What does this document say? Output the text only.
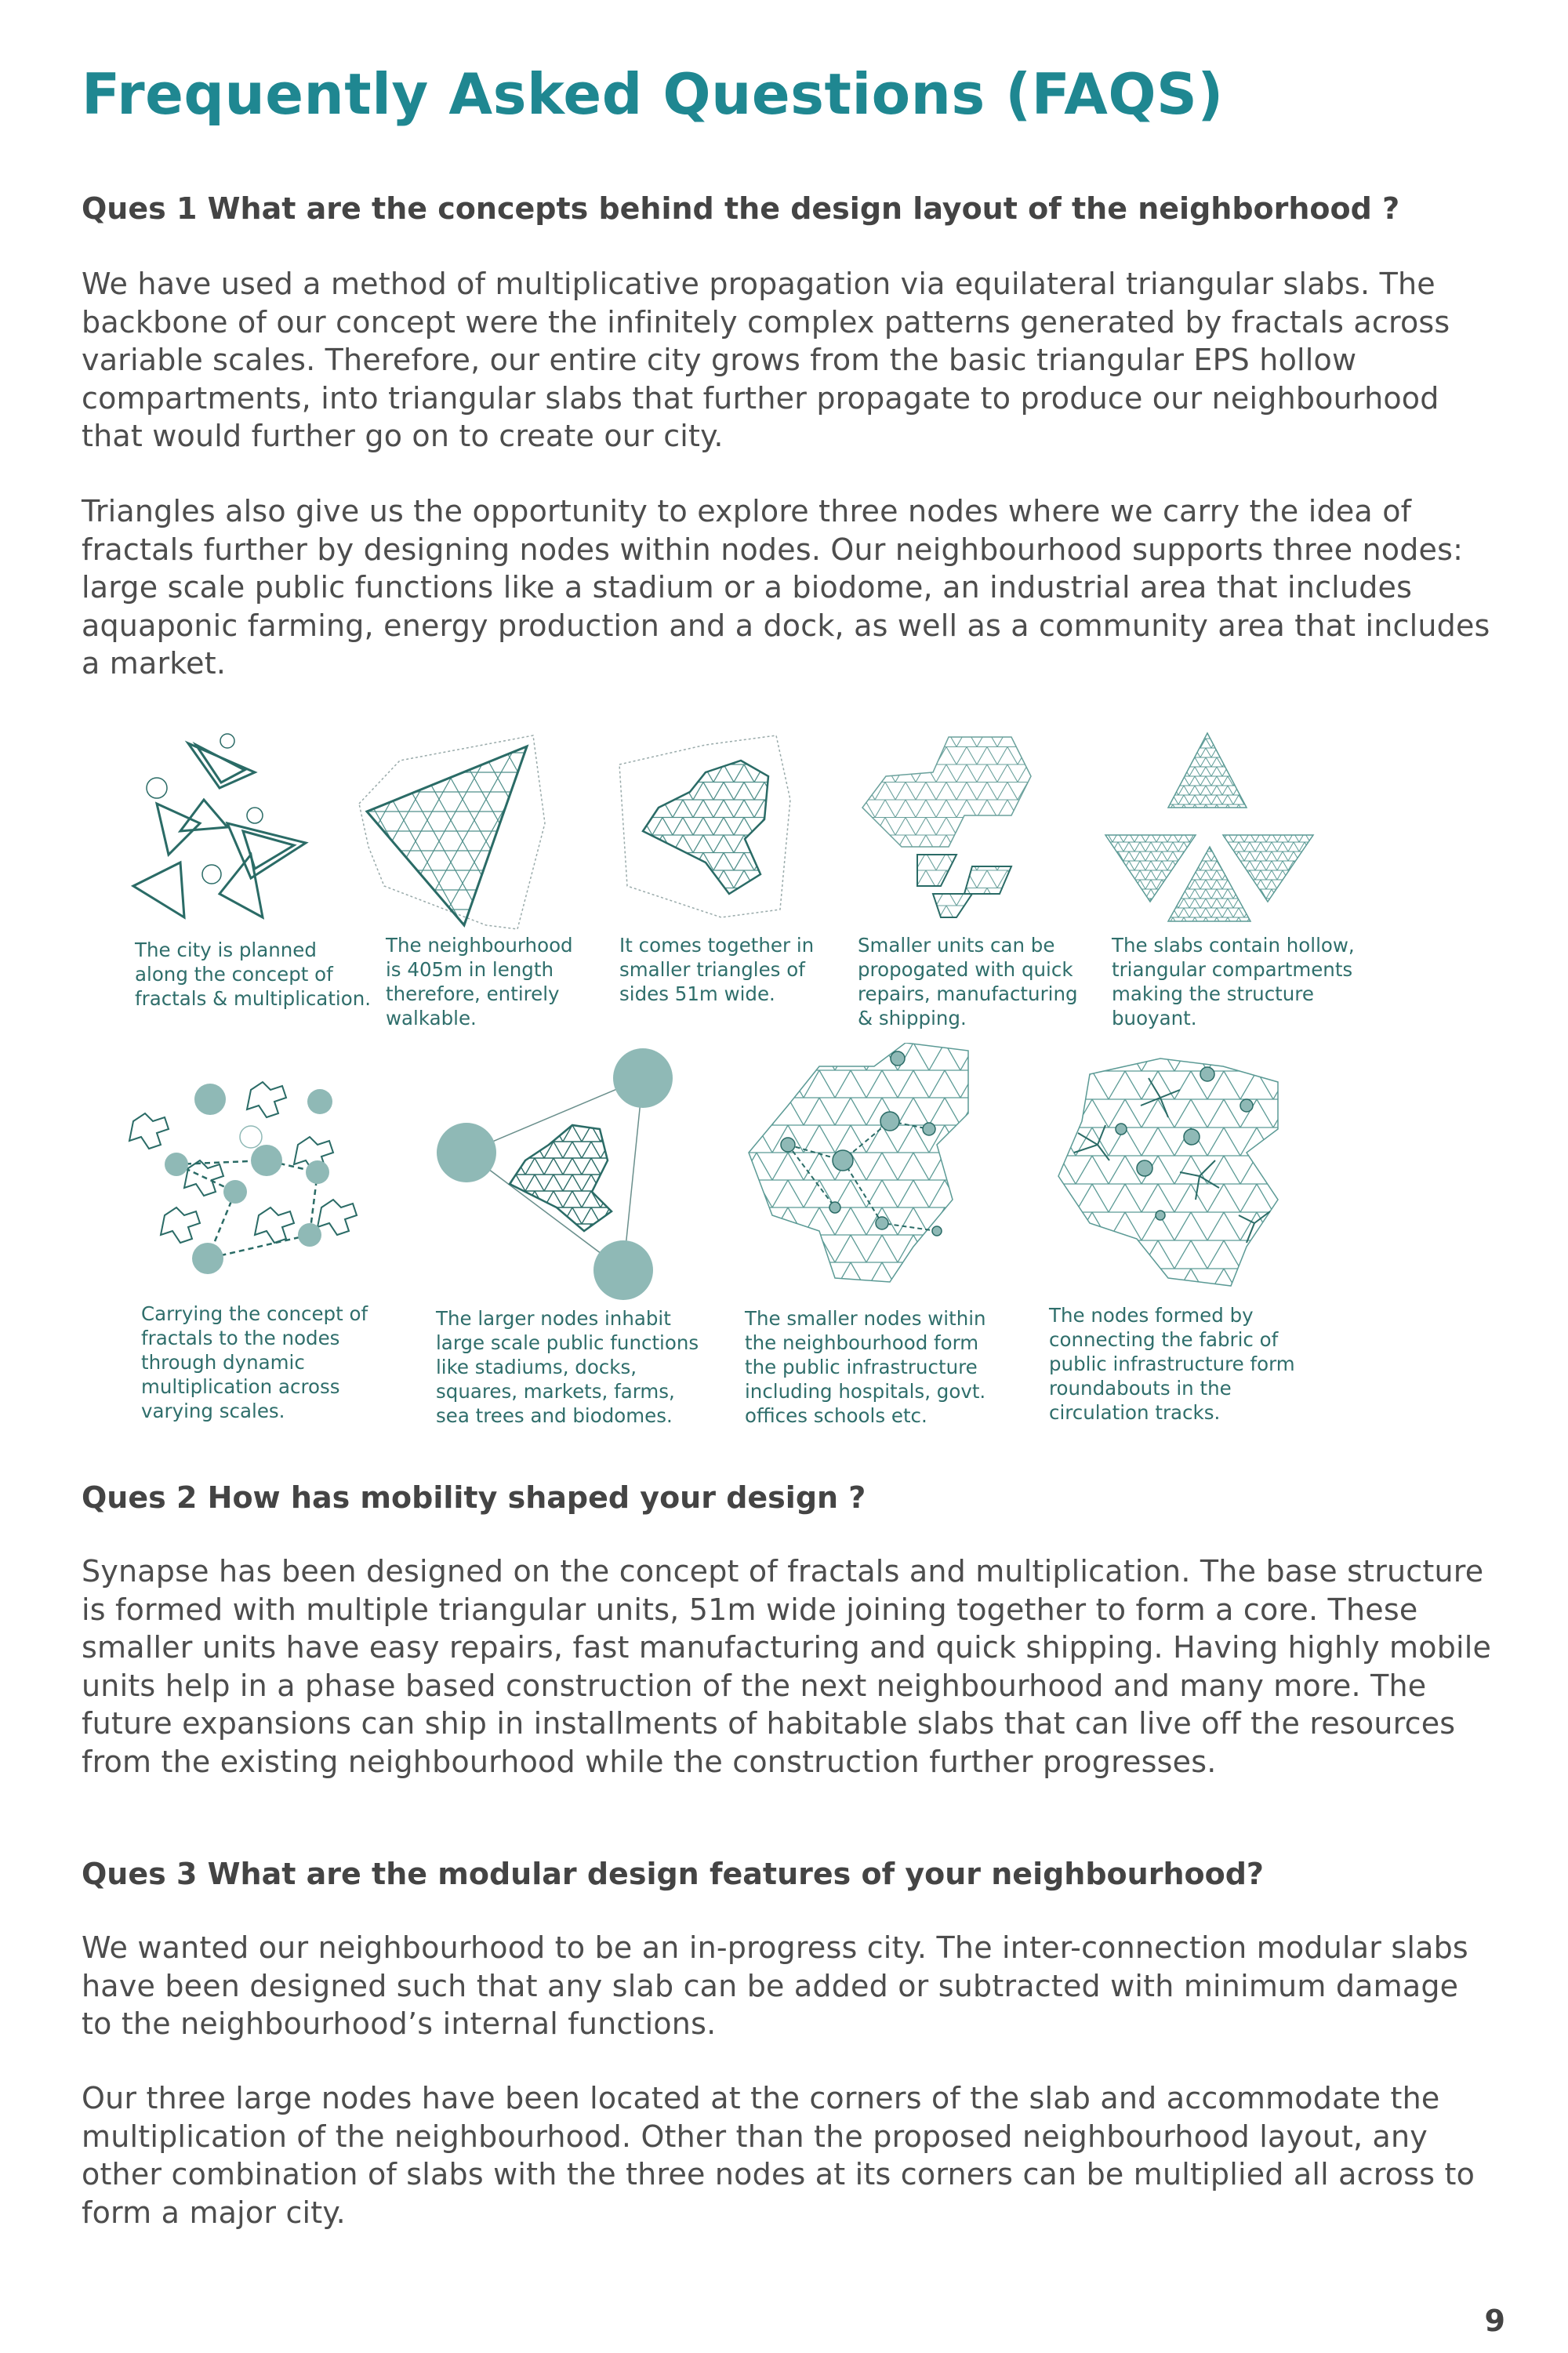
Frequently Asked Questions (FAQS)
Ques 1 What are the concepts behind the design layout of the neighborhood ?

We have used a method of multiplicative propagation via equilateral triangular slabs. The backbone of our concept were the infinitely complex patterns generated by fractals across variable scales. Therefore, our entire city grows from the basic triangular EPS hollow compartments, into triangular slabs that further propagate to produce our neighbourhood that would further go on to create our city.

Triangles also give us the opportunity to explore three nodes where we carry the idea of fractals further by designing nodes within nodes. Our neighbourhood supports three nodes: large scale public functions like a stadium or a biodome, an industrial area that includes aquaponic farming, energy production and a dock, as well as a community area that includes a market.

The city is planned
along the concept of
fractals & multiplication.

The neighbourhood
is 405m in length
therefore, entirely
walkable.

It comes together in
smaller triangles of
sides 51m wide.

Smaller units can be
propogated with quick
repairs, manufacturing
& shipping.

The slabs contain hollow,
triangular compartments
making the structure
buoyant.

Carrying the concept of
fractals to the nodes
through dynamic
multiplication across
varying scales.

The larger nodes inhabit
large scale public functions
like stadiums, docks,
squares, markets, farms,
sea trees and biodomes.

The smaller nodes within
the neighbourhood form
the public infrastructure
including hospitals, govt.
offices schools etc.

The nodes formed by
connecting the fabric of
public infrastructure form
roundabouts in the
circulation tracks.

Ques 2 How has mobility shaped your design ?

Synapse has been designed on the concept of fractals and multiplication. The base structure is formed with multiple triangular units, 51m wide joining together to form a core. These smaller units have easy repairs, fast manufacturing and quick shipping. Having highly mobile units help in a phase based construction of the next neighbourhood and many more. The future expansions can ship in installments of habitable slabs that can live off the resources from the existing neighbourhood while the construction further progresses.

Ques 3 What are the modular design features of your neighbourhood?

We wanted our neighbourhood to be an in-progress city. The inter-connection modular slabs have been designed such that any slab can be added or subtracted with minimum damage to the neighbourhood’s internal functions.

Our three large nodes have been located at the corners of the slab and accommodate the multiplication of the neighbourhood. Other than the proposed neighbourhood layout, any other combination of slabs with the three nodes at its corners can be multiplied all across to form a major city.

9
